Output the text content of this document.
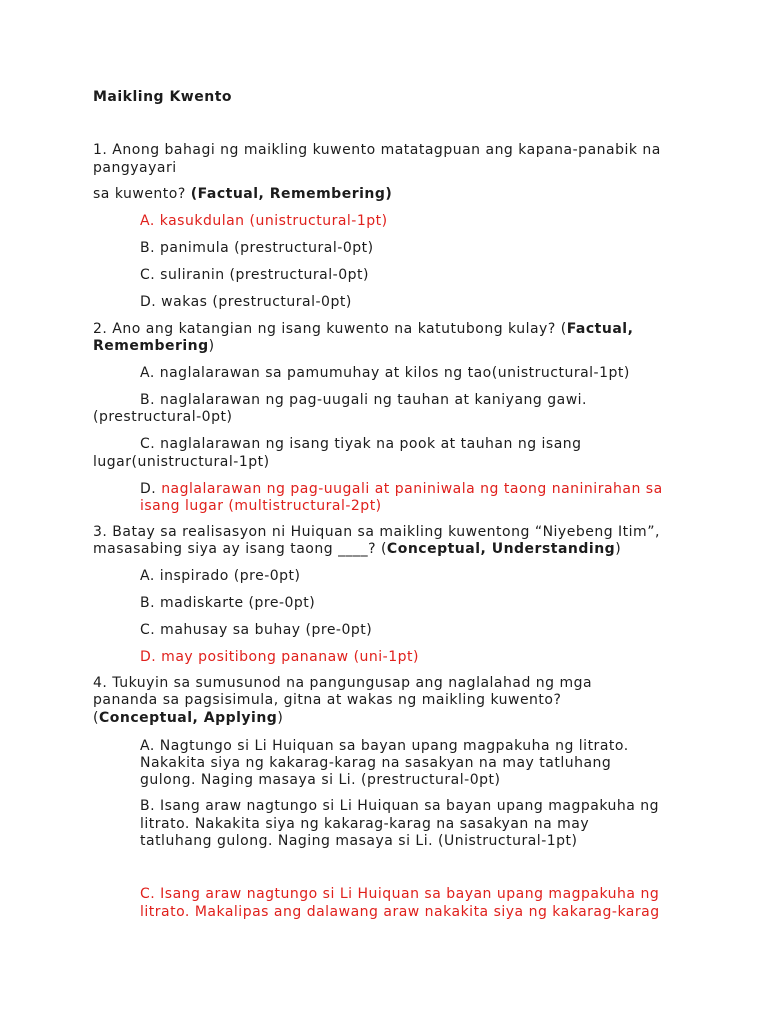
Maikling Kwento
1. Anong bahagi ng maikling kuwento matatagpuan ang kapana-panabik na
pangyayari
sa kuwento? (Factual, Remembering)
A. kasukdulan (unistructural-1pt)
B. panimula (prestructural-0pt)
C. suliranin (prestructural-0pt)
D. wakas (prestructural-0pt)
2. Ano ang katangian ng isang kuwento na katutubong kulay? (Factual,
Remembering)
A. naglalarawan sa pamumuhay at kilos ng tao(unistructural-1pt)
B. naglalarawan ng pag-uugali ng tauhan at kaniyang gawi.
(prestructural-0pt)
C. naglalarawan ng isang tiyak na pook at tauhan ng isang
lugar(unistructural-1pt)
D. naglalarawan ng pag-uugali at paniniwala ng taong naninirahan sa
isang lugar (multistructural-2pt)
3. Batay sa realisasyon ni Huiquan sa maikling kuwentong “Niyebeng Itim”,
masasabing siya ay isang taong ____? (Conceptual, Understanding)
A. inspirado (pre-0pt)
B. madiskarte (pre-0pt)
C. mahusay sa buhay (pre-0pt)
D. may positibong pananaw (uni-1pt)
4. Tukuyin sa sumusunod na pangungusap ang naglalahad ng mga
pananda sa pagsisimula, gitna at wakas ng maikling kuwento?
(Conceptual, Applying)
A. Nagtungo si Li Huiquan sa bayan upang magpakuha ng litrato.
Nakakita siya ng kakarag-karag na sasakyan na may tatluhang
gulong. Naging masaya si Li. (prestructural-0pt)
B. Isang araw nagtungo si Li Huiquan sa bayan upang magpakuha ng
litrato. Nakakita siya ng kakarag-karag na sasakyan na may
tatluhang gulong. Naging masaya si Li. (Unistructural-1pt)
C. Isang araw nagtungo si Li Huiquan sa bayan upang magpakuha ng
litrato. Makalipas ang dalawang araw nakakita siya ng kakarag-karag
